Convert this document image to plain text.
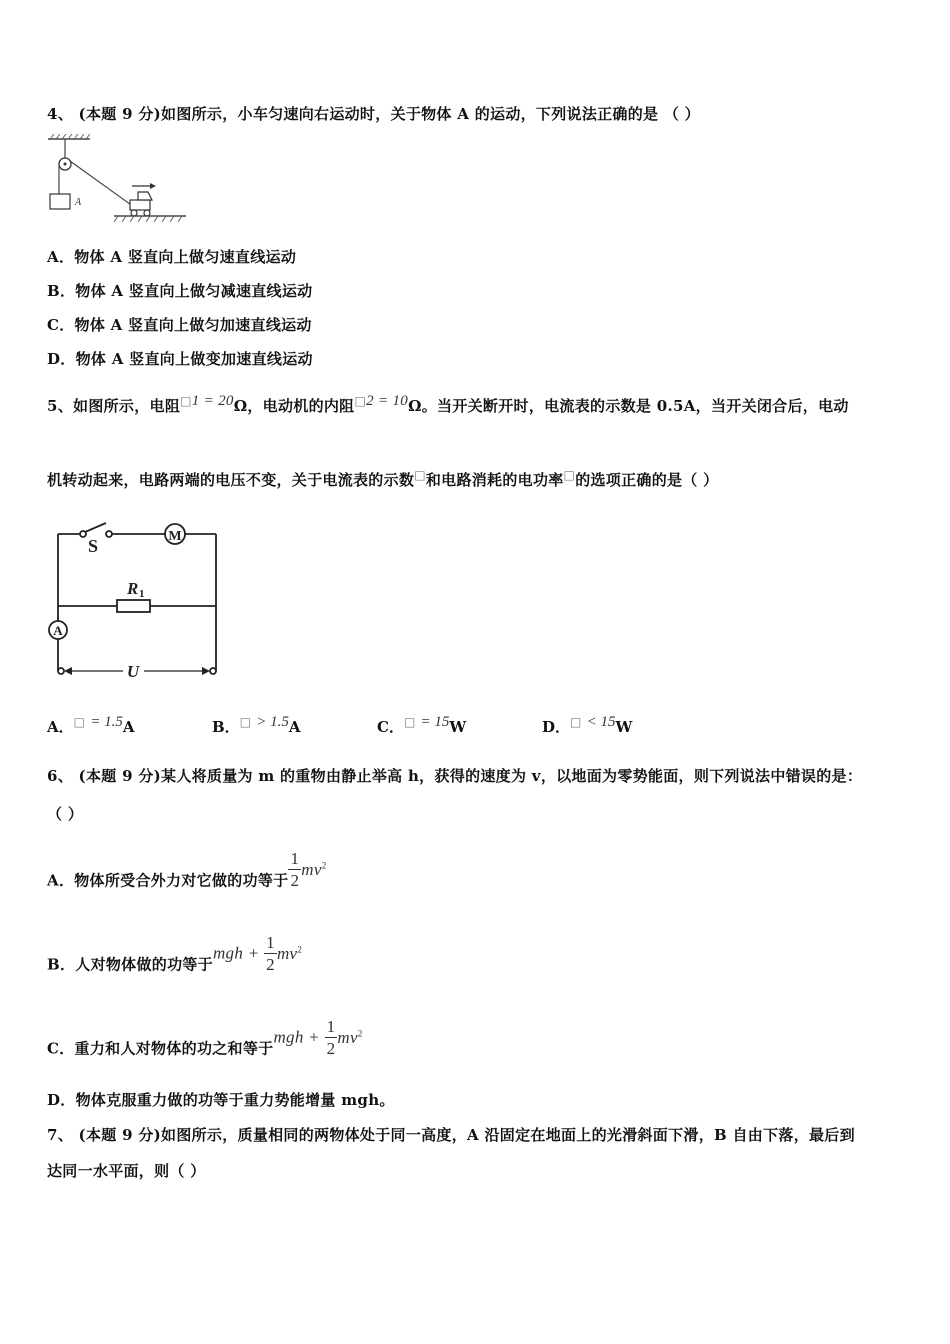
4、 (本题 9 分)如图所示，小车匀速向右运动时，关于物体 A 的运动，下列说法正确的是 （ ）
A
A．物体 A 竖直向上做匀速直线运动
B．物体 A 竖直向上做匀减速直线运动
C．物体 A 竖直向上做匀加速直线运动
D．物体 A 竖直向上做变加速直线运动
5、如图所示，电阻□1 = 20Ω，电动机的内阻□2 = 10Ω。当开关断开时，电流表的示数是 0.5A，当开关闭合后，电动
机转动起来，电路两端的电压不变，关于电流表的示数□和电路消耗的电功率□的选项正确的是（ ）
S	M
R 1
A
U
A．□ = 1.5A	B．□ > 1.5A	C．□ = 15W	D．□ < 15W
6、 (本题 9 分)某人将质量为 m 的重物由静止举高 h，获得的速度为 v，以地面为零势能面，则下列说法中错误的是：
（ ）
A．物体所受合外力对它做的功等于 $\frac{1}{2} mv^2$
B．人对物体做的功等于mgh + $\frac{1}{2} mv^2$
C．重力和人对物体的功之和等于mgh + $\frac{1}{2} mv^2$
D．物体克服重力做的功等于重力势能增量 mgh。
7、 (本题 9 分)如图所示，质量相同的两物体处于同一高度，A 沿固定在地面上的光滑斜面下滑，B 自由下落，最后到
达同一水平面，则（ ）
